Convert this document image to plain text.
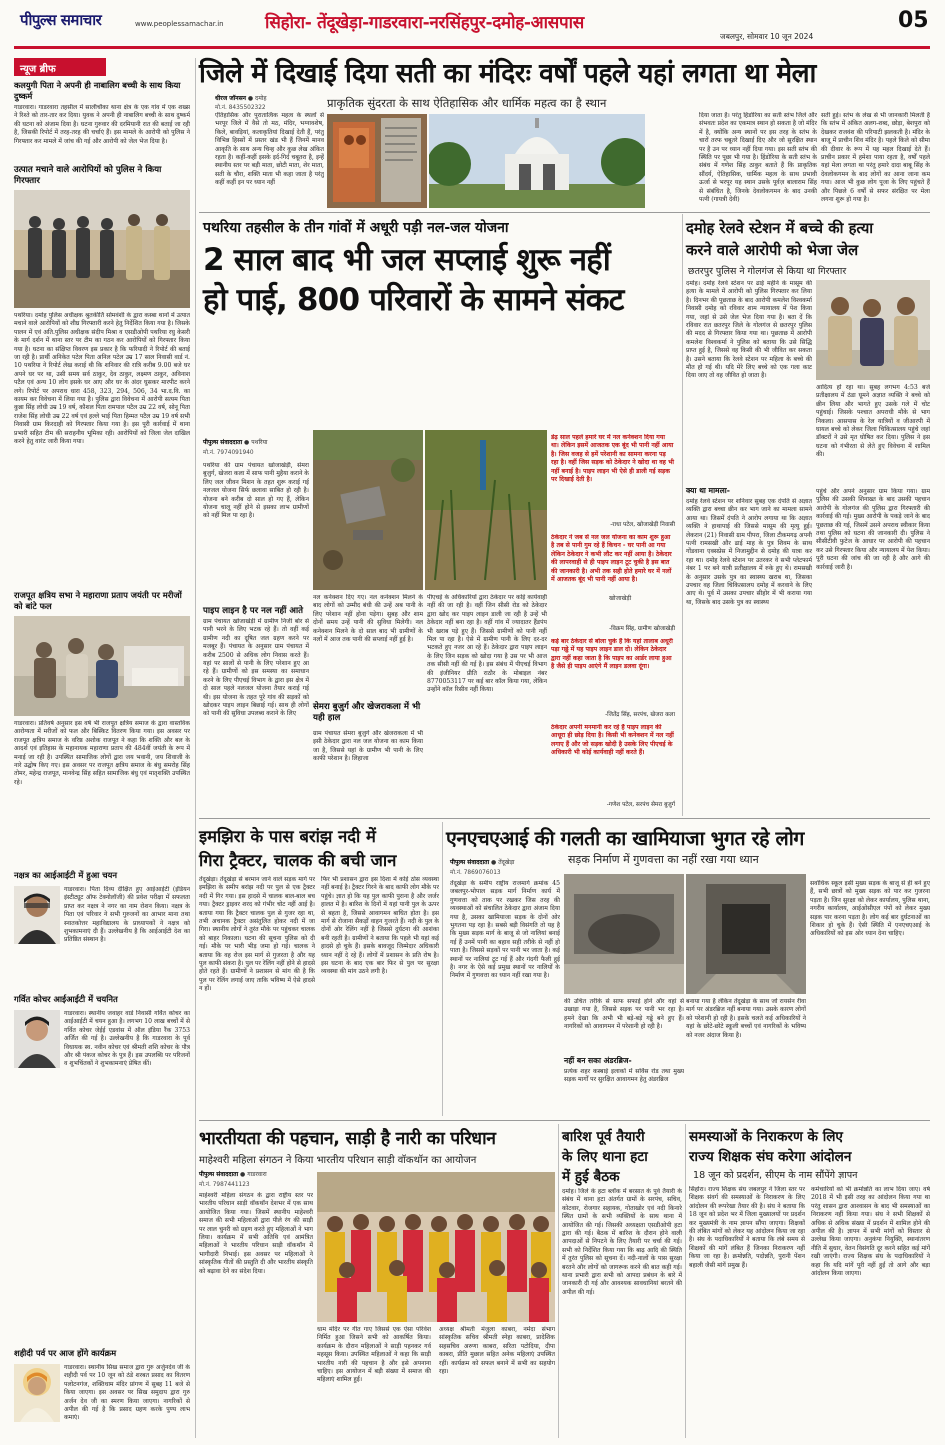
पीपुल्स समाचार	www.peoplessamachar.in सिहोरा- तेंदूखेड़ा-गाडरवारा-नरसिंहपुर-दमोह-आसपास
जबलपुर, सोमवार 10 जून 2024
05
न्यूज ब्रीफ
कलयुगी पिता ने अपनी ही नाबालिग बच्ची के साथ किया दुष्कर्म
गाडरवारा। गाडरवारा तहसील में सालीचौका थाना क्षेत्र के एक गांव में एक शख्स ने रिश्ते को तार-तार कर दिया। युवक ने अपनी ही नाबालिग बच्ची के साथ दुष्कर्म की घटना को अंजाम दिया है। घटना गुरुवार की दरमियानी रात की बताई जा रही है, जिसकी रिपोर्ट में तरह-तरह की चर्चाएं हैं। इस मामले के आरोपी को पुलिस ने गिरफ्तार कर मामले में जांच की गई और आरोपी को जेल भेज दिया है।
उत्पात मचाने वाले आरोपियों को पुलिस ने किया गिरफ्तार
पथरिया। दमोह पुलिस अधीक्षक श्रुतकीर्ति सोमवंशी के द्वारा कस्बा थानों में उत्पात मचाने वाले आरोपियों को शीघ्र गिरफ्तारी करने हेतु निर्देशित किया गया है। जिसके पालन में एवं अति.पुलिस अधीक्षक संदीप मिश्रा व एसडीओपी पथरिया रघु केसरी के मार्ग दर्शन में थाना स्तर पर टीम का गठन कर आरोपियों को गिरफ्तार किया गया है। घटना का संक्षिप्त विवरण इस प्रकार है कि फरियादी ने रिपोर्ट की बताई जा रही है। प्रार्थी अनिकेत पटेल पिता अनिल पटेल उम्र 17 साल निवासी वार्ड नं. 10 पथरिया ने रिपोर्ट लेख कराई थी कि शनिवार की रात्रि करीब 9.00 बजे घर अपने घर पर था, उसी समय सर्व ठाकुर, देव ठाकुर, लक्ष्मण ठाकुर, अविनाश पटैल एवं अन्य 10 लोग इसके घर आए और घर के अंदर घुसकर मारपीट करने लगे। रिपोर्ट पर अपराध धारा 458, 323, 294, 506, 34 भा.द.वि. का कायम कर विवेचना में लिया गया है। पुलिस द्वारा विवेचना में आरोपी सत्यम पिता कुन्ना सिंह लोधी उम्र 19 वर्ष, कौशल पिता रामपाल पटैल उम्र 22 वर्ष, सोनू पिता राजेश सिंह लोधी उम्र 22 वर्ष एवं हल्ले भाई पिता हिम्मत पटैल उम्र 19 वर्ष सभी निवासी ग्राम किरदाही को गिरफ्तार किया गया है। इस पूरी कार्रवाई में थाना प्रभारी सहित टीम की सराहनीय भूमिका रही। आरोपियों को जिला जेल दाखिल करने हेतु वारंट जारी किया गया।
राजपूत क्षत्रिय सभा ने महाराणा प्रताप जयंती पर मरीजों को बांटे फल
गाडरवारा। प्रतिवर्ष अनुसार इस वर्ष भी राजपूत क्षत्रिय समाज के द्वारा वास्तविक आरोग्यता में मरीजों को फल और बिस्किट वितरण किया गया। इस अवसर पर राजपूत क्षत्रिय समाज के वरिष्ठ अशोक राजपूत ने कहा कि शक्ति और बल के आदर्श एवं इतिहास के महानायक महाराणा प्रताप की 484वीं जयंती के रूप में मनाई जा रही है। उपस्थित सामाजिक लोगों द्वारा जय भवानी, जय शिवाजी के नारे उद्घोष किए गए। इस अवसर पर राजपूत क्षत्रिय समाज के बंधु समरोह सिंह तोमर, महेन्द्र राजपूत, मानवेन्द्र सिंह सहित सामाजिक बंधु एवं मातृशक्ति उपस्थित रहे।
नक्षत्र का आईआईटी में हुआ चयन
गाडरवारा। पिता दिव्य दीक्षित हुए आईआईटी (इंडियन इंस्टीट्यूट ऑफ टेक्नोलॉजी) की प्रवेश परीक्षा में सफलता प्राप्त कर नक्षत्र ने नगर का नाम रोशन किया। नक्षत्र के पिता एवं परिवार ने सभी गुरुजनों का आभार माना तथा स्नातकोत्तर महाविद्यालय के प्राध्यापकों ने नक्षत्र को शुभकामनाएं दी हैं। उल्लेखनीय है कि आईआईटी देश का प्रतिष्ठित संस्थान है।
गर्वित कोचर आईआईटी में चयनित
गाडरवारा। स्थानीय जवाहर वार्ड निवासी गर्वित कोचर का आईआईटी में चयन हुआ है। लगभग 10 लाख बच्चों में से गर्वित कोचर जेईई एडवांस में ऑल इंडिया रैंक 3753 अर्जित की गई है। उल्लेखनीय है कि गाडरवारा के पूर्व विधायक स्व. नवीन कोचर एवं श्रीमती शशि कोचर के पौत्र और श्री पंकज कोचर के पुत्र हैं। इस उपलब्धि पर परिजनों व शुभचिंतकों ने शुभकामनाएं प्रेषित कीं।
शहीदी पर्व पर आज होंगे कार्यक्रम
गाडरवारा। स्थानीय सिख समाज द्वारा गुरु अर्जुनदेव जी के शहीदी पर्व पर 10 जून को ठंडे शरबत प्रसाद का वितरण पलोटनगंज, शक्तिधाम मंदिर प्रांगण में सुबह 11 बजे से किया जाएगा। इस अवसर पर सिख समुदाय द्वारा गुरु अर्जन देव जी का स्मरण किया जाएगा। नागरिकों से अपील की गई है कि प्रसाद ग्रहण करके पुण्य लाभ कमाएं।
जिले में दिखाई दिया सती का मंदिरः वर्षों पहले यहां लगता था मेला
धीरज जॉनसन ● दमोह
मो.नं. 8435502322	प्राकृतिक सुंदरता के साथ ऐतिहासिक और धार्मिक महत्व का है स्थान
ऐतिहासिक और पुरातात्विक महत्व के स्थलों से भरपूर जिले में वैसे तो मठ, मंदिर, भग्नावशेष, किले, बावड़ियां, कलाकृतियां दिखाई देती हैं, परंतु विभिन्न हिस्सों में प्रस्तर खंड भी हैं जिनमें मानव आकृति के साथ अन्य चिन्ह और कुछ लेख अंकित रहता है। कहीं-कहीं इसके इर्द-गिर्द चबूतरा है, इन्हें स्थानीय स्तर पर बड़ी माता, छोटी माता, शेर माता, सती के चौरा, शक्ति माता भी कहा जाता है परंतु कहीं कहीं इन पर ध्यान नहीं
दिया जाता है। परंतु हिंडोरिया का सती स्तंभ जिले और संभवतः प्रदेश का एकमात्र स्थान हो सकता है जो मंदिर में है, क्योंकि अन्य स्थानों पर इस तरह के स्तंभ के चारों तरफ चबूतरे दिखाई दिए और जो सुरक्षित स्थान पर है उन पर ध्यान नहीं दिया गया। इस सती स्तंभ की स्थिति पर पूछा भी गया है। हिंडोरिया के सती स्तंभ के संबंध में गणेश सिंह ठाकुर बताते हैं कि प्राकृतिक सौंदर्य, ऐतिहासिक, धार्मिक महत्व के साथ प्रभावी ऊर्जा से भरपूर यह स्थान उसके पूर्वज़ बालाराम सिंह से संबंधित है, जिनके देवलोकगमन के बाद उनकी पत्नी (गायत्री देवी)
सती हुई। स्तंभ के लेख से भी जानकारी मिलती है कि स्तंभ में अंकित अलग-शब्द, छोड़ा, बेशपुरा को देखकर राजवंश की परिपाटी झलकती है। मंदिर के बाजू में प्राचीन शिव मंदिर है। पहले किले को सीमा की दीवार के रूप में यह महल दिखाई देते हैं। प्राचीन प्रकार में हमेशा पाया रहता है, वर्षों पहले यहां मेला लगता था परंतु हमारे दादा बाबू सिंह के देवलोकगमन के बाद लोगों का आना जाना कम गया। आज भी कुछ लोग पूजा के लिए पहुंचते हैं और पिछले 6 वर्षों से सफर संरक्षित पर मेला लगना शुरू हो गया है।
पथरिया तहसील के तीन गांवों में अधूरी पड़ी नल-जल योजना
2 साल बाद भी जल सप्लाई शुरू नहीं
हो पाई, 800 परिवारों के सामने संकट
पीपुल्स संवाददाता ● पथरिया
मो.नं. 7974091940
पथरिया की ग्राम पंचायत खोजाखेड़ी, सेमरा बुजुर्ग, खेजरा कला में साफ पानी मुहैया कराने के लिए जल जीवन मिशन के तहत शुरू कराई गई नलजल योजना सिर्फ छलावा साबित हो रही है। योजना बने करीब दो साल हो गए हैं, लेकिन योजना चालू नहीं होने से इसका लाभ ग्रामीणों को नहीं मिल पा रहा है।
पाइप लाइन है पर नल नहीं आते
ग्राम पंचायत खोजाखेड़ी में ग्रामीण निजी बोर से पानी भरने के लिए भटक रहे हैं। तो वहीं कई ग्रामीण नदी का दूषित जल ग्रहण करने पर मजबूर हैं। पंचायत के अनुसार ग्राम पंचायत में करीब 2500 से अधिक लोग निवास करते हैं। यहां पर सालों से पानी के लिए परेशान हुए आ रहे हैं। ग्रामीणों को इस समस्या का समाधान करने के लिए पीएचई विभाग के द्वारा इस क्षेत्र में दो साल पहले नलजल योजना तैयार कराई गई थी। इस योजना के तहत पूरे गांव की सड़कों को खोदकर पाइप लाइन बिछाई गई। साथ ही लोगों को पानी की सुविधा उपलब्ध कराने के लिए
खोजाखेड़ी
नल कनेक्शन दिए गए। नल कनेक्शन मिलने के बाद लोगों को उम्मीद बंधी की उन्हें अब पानी के लिए परेशान नहीं होना पड़ेगा। सुबह और शाम दोनों समय उन्हें पानी की सुविधा मिलेगी। नल कनेक्शन मिलने के दो साल बाद भी ग्रामीणों के नलों में आज तक पानी की सप्लाई नहीं हुई है।
सेमरा बुजुर्ग और खेजराकला में भी यही हाल
ग्राम पंचायत सेमरा बुजुर्ग और खेजराकला में भी इसी ठेकेदार द्वारा नल जल योजना का काम किया जा है, जिससे यहां के ग्रामीण भी पानी के लिए काफी परेशान है। लिहाजा
पीएचई के अधिकारियों द्वारा ठेकेदार पर कोई कार्यवाही नहीं की जा रही है। वहीं जिन सीसी रोड को ठेकेदार द्वारा खोद कर पाइप लाइन डाली जा रही है उन्हें भी ठेकेदार नहीं बना रहा है। वहीं गांव में ज्यादातर हैंडपंप भी खराब पड़े हुए हैं। जिससे ग्रामीणों को पानी नहीं मिल पा रहा है। ऐसे में ग्रामीण पानी के लिए दर-दर भटकते हुए नजर आ रहे हैं। ठेकेदार द्वारा पाइप लाइन के लिए जिन सड़क को खोदा गया है उस पर भी आज तक सीसी नहीं की गई है। इस संबंध में पीएचई विभाग की इंजीनियर प्रीति राठौर के मोबाइल नंबर 8770053117 पर कई बार कॉल किया गया, लेकिन उन्होंने कॉल रिसीव नहीं किया।
डेढ़ साल पहले हमारे घर में नल कनेक्शन दिया गया था। लेकिन इसमें आजतक एक बूंद भी पानी नहीं आया है। जिस वजह से हमें परेशानी का सामना करना पड़ रहा है। वहीं जिस सड़क को ठेकेदार ने खोदा था वह भी नहीं बनाई है। पाइप लाइन भी ऐसे ही डाली गई सड़क पर दिखाई देती है।
-राधा पटेल, खोजाखेड़ी निवासी
ठेकेदार ने जब से नल जल योजना का काम शुरू हुआ है तब से पानी गुम रहे हैं किचन - घर पानी आ गया लेकिन ठेकेदार ने कभी लौट कर नहीं आया है। ठेकेदार की लापरवाही से ही पाइप लाइन टूट चुकी है इस बात की जानकारी है। अभी तक सही होते हमारे घर में नलों में आजतक बूंद भी पानी नहीं आया है।
-विक्रम सिंह, ग्रामीण खोजाखेड़ी
कई बार ठेकेदार से बोला चुके हैं कि यहां तालाब अधूरी पड़ा गढ्ढे में यह पाइप लाइन डाल दो। लेकिन ठेकेदार द्वारा नहीं कहा जाता है कि पाइप का आर्डर लाया हुआ है जैसे ही पाइप आएंगे मैं लाइन डलवा दूंगा।
-जितेंद्र सिंह, सरपंच, खेजरा कला
ठेकेदार अपनी मनमानी कर रहे हैं पाइप लाइन की आधूरा ही छोड़ दिया है। किसी भी कनेक्शन में नल नहीं लगाए हैं और जो सड़क खोदी है उसके लिए पीएचई के अधिकारी भी कोई कार्यवाही नहीं करते हैं।
-गणेश पटेल, सरपंच सेमरा बुजुर्ग
दमोह रेलवे स्टेशन में बच्चे की हत्या
करने वाले आरोपी को भेजा जेल
छतरपुर पुलिस ने गोलगंज से किया था गिरफ्तार
दमोह। दमोह रेलवे स्टेशन पर ढाई महीने के मासूम की हत्या के मामले में आरोपी को पुलिस गिरफ्तार कर लिया है। दिनभर की पूछताछ के बाद आरोपी कमलेश विश्वकर्मा निवासी दमोह को रविवार शाम न्यायालय में पेश किया गया, जहां से उसे जेल भेज दिया गया है। बता दें कि रविवार रात छतरपुर जिले के गोलगंज से छतरपुर पुलिस की मदद से गिरफ्तार किया गया था। पूछताछ में आरोपी कमलेश विश्वकर्मा ने पुलिस को बताया कि उसे सिद्धि प्राप्त हुई है, जिससे वह किसी की भी जीवित कर सकता है। उसने बताया कि रेलवे स्टेशन पर महिला के बच्चे की मौत हो गई थी। यदि मेरे लिए बच्चे को एक गला काट दिया जाए तो वह जीवित हो जाता है।
आदित्य हो रहा था। सुबह लगभग 4:53 बजे प्रतीक्षालय में ठंडा घूमने अज्ञात व्यक्ति ने बच्चे को छीन लिया और भागते हुए उसके गले में चोट पहुंचाई। जिसके पश्चात अपराधी मौके से भाग निकला। आसपास के रेल यात्रियों व जीआरपी में घायल बच्चे को लेकर जिला चिकित्सालय पहुंचे जहां डॉक्टरों ने उसे मृत घोषित कर दिया। पुलिस ने इस घटना को गंभीरता से लेते हुए विवेचना में शामिल की।
क्या था मामला-
दमोह रेलवे स्टेशन पर शनिवार सुबह एक दंपति से अज्ञात व्यक्ति द्वारा बच्चा छीन कर भाग जाने का मामला सामने आया था। जिसमें दंपति ने आरोप लगाया था कि अज्ञात व्यक्ति ने हाथापाई की जिससे मासूम की मृत्यु हुई। लेकरान (21) निवासी ग्राम पीपरा, जिला टीकमगढ़ अपनी पत्नी रामसखी और ढाई माह के पुत्र शिवम के साथ गोंडवाना एक्सप्रेस में निजामुद्दीन से दमोह की यात्रा कर रहा था। दमोह रेलवे स्टेशन पर उतरकर वे सभी प्लेटफार्म नंबर 1 पर बने यात्री प्रतीक्षालय में रुके हुए थे। रामसखी के अनुसार उसके पुत्र का स्वास्थ्य खराब था, जिसका उपचार वह जिला चिकित्सालय दमोह में करवाने के लिए आए थे। पूर्व में उसका उपचार सीहोर में भी कराया गया था, जिसके बाद उसके पुत्र का स्वास्थ्य
पहुंचे और अपने अनुसार ग्राम किया गया। ग्राम पुलिस की उसकी शिनाख्त के बाद उसकी पहचान आरोपी के गोलगंज की पुलिस द्वारा गिरफ्तारी की कार्रवाई की गई। मुख्य आरोपी के पकड़े जाने के बाद पूछताछ की गई, जिसमें उसने अपराध स्वीकार किया तथा पुलिस को घटना की जानकारी दी। पुलिस ने सीसीटीवी फुटेज के आधार पर आरोपी की पहचान कर उसे गिरफ्तार किया और न्यायालय में पेश किया। पूरी घटना की जांच की जा रही है और आगे की कार्रवाई जारी है।
इमझिरा के पास बरांझ नदी में
गिरा ट्रैक्टर, चालक की बची जान
तेंदूखेड़ा। तेंदूखेड़ा से बरमान जाने वाले सड़क मार्ग पर इमझिरा के समीप बरांझ नदी पर पुल से एक ट्रैक्टर नदी में गिर गया। इस हादसे में चालक बाल-बाल बच गया। ट्रैक्टर ड्राइवर शरद को गंभीर चोट नहीं आई है। बताया गया कि ट्रैक्टर चालक पुल से गुजर रहा था, तभी अचानक ट्रैक्टर असंतुलित होकर नदी में जा गिरा। स्थानीय लोगों ने तुरंत मौके पर पहुंचकर चालक को बाहर निकाला। घटना की सूचना पुलिस को दी गई। मौके पर भारी भीड़ जमा हो गई। चालक ने बताया कि वह रोज इस मार्ग से गुजरता है और यह पुल काफी संकरा है। पुल पर रेलिंग नहीं होने से हादसे होते रहते हैं। ग्रामीणों ने प्रशासन से मांग की है कि पुल पर रेलिंग लगाई जाए ताकि भविष्य में ऐसे हादसे न हों।
फिर भी प्रशासन द्वारा इस दिशा में कोई ठोस व्यवस्था नहीं बनाई है। ट्रैक्टर गिरने के बाद काफी लोग मौके पर पहुंचे। ज्ञात हो कि यह पुल काफी पुराना है और जर्जर हालत में है। बारिश के दिनों में यहां पानी पुल के ऊपर से बहता है, जिससे आवागमन बाधित होता है। इस मार्ग से रोजाना सैकड़ों वाहन गुजरते हैं। नदी के पुल के दोनों ओर रेलिंग नहीं है जिससे दुर्घटना की आशंका बनी रहती है। ग्रामीणों ने बताया कि पहले भी यहां कई हादसे हो चुके हैं। इसके बावजूद जिम्मेदार अधिकारी ध्यान नहीं दे रहे हैं। लोगों में प्रशासन के प्रति रोष है। इस घटना के बाद एक बार फिर से पुल पर सुरक्षा व्यवस्था की मांग उठने लगी है।
एनएचएआई की गलती का खामियाजा भुगत रहे लोग
सड़क निर्माण में गुणवत्ता का नहीं रखा गया ध्यान
पीपुल्स संवाददाता ● तेंदूखेड़ा
मो.नं. 7869076013
तेंदूखेड़ा के समीप राष्ट्रीय राजमार्ग क्रमांक 45 जबलपुर-भोपाल सड़क मार्ग निर्माण कार्य में गुणवत्ता को ताक पर रखकर जिस तरह की व्यवस्थाओं को संचालित ठेकेदार द्वारा अंजाम दिया गया है, उसका खामियाजा सड़क के दोनों ओर भुगतना पड़ रहा है। सबसे बड़ी विसंगति तो यह है कि मुख्य सड़क मार्ग के बाजू से जो नालियां बनाई गई हैं उनमें पानी का बहाव सही तरीके से नहीं हो पाता है। जिससे सड़कों पर पानी भर जाता है। कई स्थानों पर नालियां टूट गई हैं और गंदगी फैली हुई है। नगर के ऐसे कई प्रमुख स्थानों पर नालियों के निर्माण में गुणवत्ता का ध्यान नहीं रखा गया है।
की उचित तरीके से साफ सफाई होने और वहां से उखाड़ा गया है, जिससे सड़क पर पानी भर रहा है। हमने देखा कि अभी भी बड़े-बड़े गड्ढे बने हुए हैं। नागरिकों को आवागमन में परेशानी हो रही है।
नहीं बन सका अंडरब्रिज-
प्रत्येक शहर कस्बाई इलाकों में सर्विस रोड तथा मुख्य सड़क मार्गों पर सुरक्षित आवागमन हेतु अंडरब्रिज
बनाया गया है लेकिन तेंदूखेड़ा के साथ जो रायसेन रीवा मार्ग पर अंडरब्रिज नहीं बनाया गया। उसके कारण लोगों को परेशानी हो रही है। इसके चलते कई अधिकारियों ने यहां के छोटे-छोटे स्कूली बच्चों एवं नागरिकों के भविष्य को नजर अंदाज किया है।
सर्वाधिक स्कूल इसी मुख्य सड़क के बाजू से ही बने हुए हैं, सभी छात्रों को मुख्य सड़क को पार कर गुजरना पड़ता है। जिन सुरक्षा को लेकर कार्यालय, पुलिस थाना, नगरीय कार्यालय, आईओसीएल पंपों को लेकर मुख्य सड़क पार करना पड़ता है। लोग कई बार दुर्घटनाओं का शिकार हो चुके हैं। ऐसी स्थिति में एनएचएआई के अधिकारियों को इस ओर ध्यान देना चाहिए।
भारतीयता की पहचान, साड़ी है नारी का परिधान
माहेश्वरी महिला संगठन ने किया भारतीय परिधान साड़ी वॉकथॉन का आयोजन
पीपुल्स संवाददाता ● गाडरवारा
मो.नं. 7987441123
माहेश्वरी महिला संगठन के द्वारा राष्ट्रीय स्तर पर भारतीय परिधान साड़ी वॉकथॉन देशभर में एक साथ आयोजित किया गया। जिसमें स्थानीय माहेश्वरी समाज की सभी महिलाओं द्वारा पीले रंग की साड़ी पर लाल चुनरी को ग्रहण करते हुए महिलाओं ने भाग लिया। कार्यक्रम में सभी अतिथि एवं आमंत्रित महिलाओं ने भारतीय परिधान साड़ी वॉकथॉन में भागीदारी निभाई। इस अवसर पर महिलाओं ने सांस्कृतिक गीतों की प्रस्तुति दी और भारतीय संस्कृति को बढ़ावा देने का संदेश दिया।
धाम मंदिर पर गीत गाए जिससे एक ऐसा परिवेश निर्मित हुआ जिसने सभी को आकर्षित किया। कार्यक्रम के दौरान महिलाओं ने साड़ी पहनकर गर्व महसूस किया। उपस्थित महिलाओं ने कहा कि साड़ी भारतीय नारी की पहचान है और इसे अपनाना चाहिए। इस आयोजन में बड़ी संख्या में समाज की महिलाएं शामिल हुईं।
अध्यक्ष श्रीमती मंजुला काबरा, नर्मदा संभाग सांस्कृतिक सचिव श्रीमती स्नेहा काबरा, प्रादेशिक सहसचिव अरुणा काबरा, सरिता पटोदिया, दीपा काबरा, प्रीति मुछाल सहित अनेक महिलाएं उपस्थित रहीं। कार्यक्रम को सफल बनाने में सभी का सहयोग रहा।
बारिश पूर्व तैयारी
के लिए थाना हटा
में हुई बैठक
दमोह। जिले के हटा ब्लॉक में बरसात के पूर्व तैयारी के संबंध में थाना हटा अंतर्गत ग्रामों के सरपंच, सचिव, कोटवार, रोजगार सहायक, गोताखोर एवं नदी किनारे स्थित ग्रामों के सभी व्यक्तियों के साथ थाना में आयोजित की गई। जिसकी अध्यक्षता एसडीओपी हटा द्वारा की गई। बैठक में बारिश के दौरान होने वाली आपदाओं से निपटने के लिए तैयारी पर चर्चा की गई। सभी को निर्देशित किया गया कि बाढ़ आदि की स्थिति में तुरंत पुलिस को सूचना दें। नदी-नालों के पास सुरक्षा बरतने और लोगों को जागरूक करने की बात कही गई। थाना प्रभारी द्वारा सभी को आपदा प्रबंधन के बारे में जानकारी दी गई और आवश्यक सावधानियां बरतने की अपील की गई।
समस्याओं के निराकरण के लिए
राज्य शिक्षक संघ करेगा आंदोलन
18 जून को प्रदर्शन, सीएम के नाम सौंपेंगे ज्ञापन
सिहोरा। राज्य शिक्षक संघ जबलपुर ने जिला स्तर पर शिक्षक संवर्ग की समस्याओं के निराकरण के लिए आंदोलन की रूपरेखा तैयार की है। संघ ने बताया कि 18 जून को प्रदेश भर में जिला मुख्यालयों पर प्रदर्शन कर मुख्यमंत्री के नाम ज्ञापन सौंपा जाएगा। शिक्षकों की लंबित मांगों को लेकर यह आंदोलन किया जा रहा है। संघ के पदाधिकारियों ने बताया कि लंबे समय से शिक्षकों की मांगें लंबित हैं जिनका निराकरण नहीं किया जा रहा है। क्रमोन्नति, पदोन्नति, पुरानी पेंशन बहाली जैसी मांगें प्रमुख हैं।
कर्मचारियों को भी क्रमोन्नति का लाभ दिया जाए। वर्ष 2018 में भी इसी तरह का आंदोलन किया गया था परंतु शासन द्वारा आश्वासन के बाद भी समस्याओं का निराकरण नहीं किया गया। संघ ने सभी शिक्षकों से अधिक से अधिक संख्या में प्रदर्शन में शामिल होने की अपील की है। ज्ञापन में सभी मांगों को विस्तार से उल्लेख किया जाएगा। अनुकंपा नियुक्ति, स्थानांतरण नीति में सुधार, वेतन विसंगति दूर करने सहित कई मांगें रखी जाएंगी। राज्य शिक्षक संघ के पदाधिकारियों ने कहा कि यदि मांगें पूरी नहीं हुईं तो आगे और बड़ा आंदोलन किया जाएगा।
